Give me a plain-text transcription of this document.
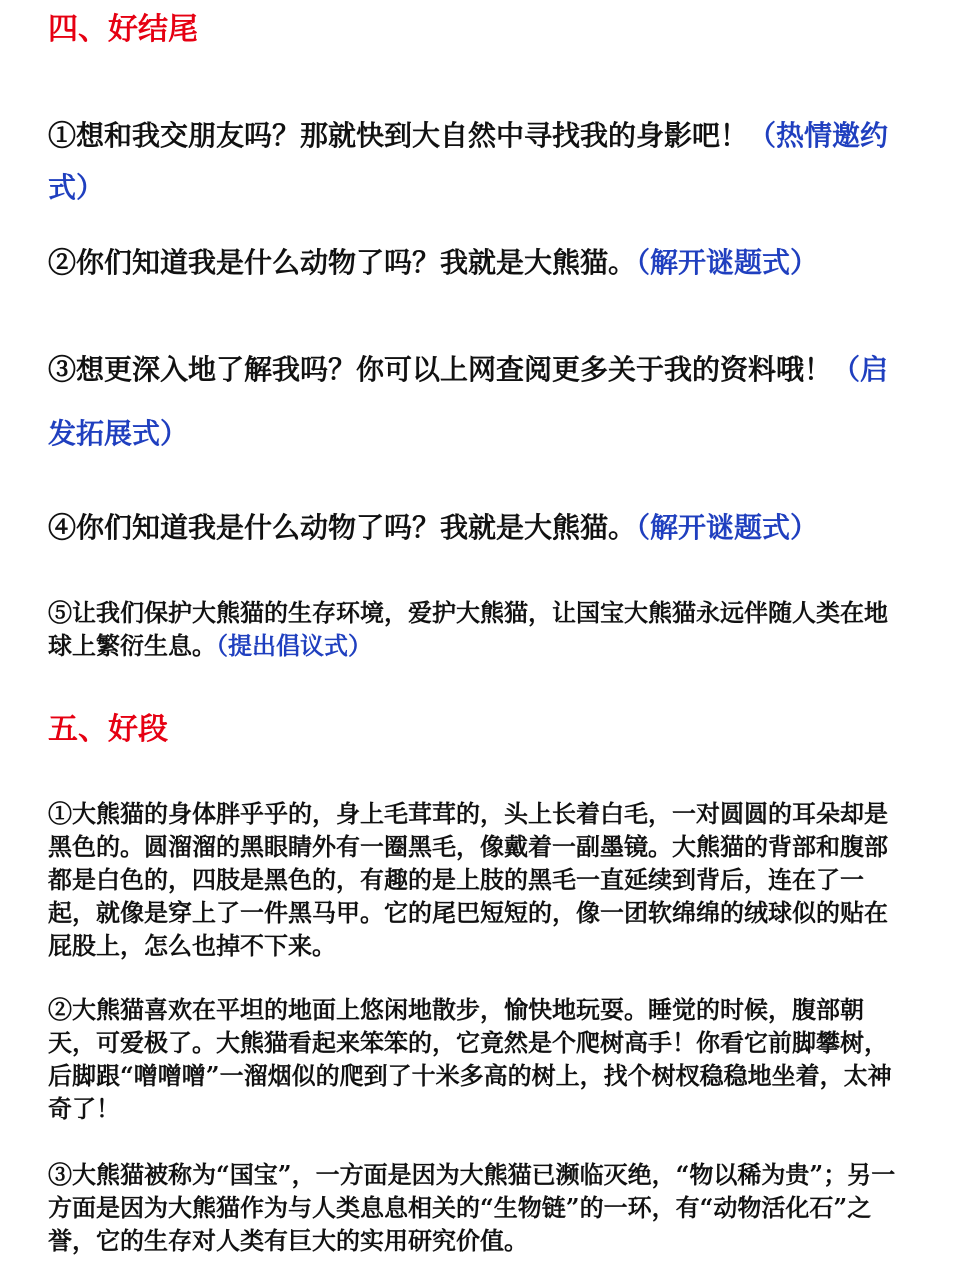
四、好结尾

①想和我交朋友吗？那就快到大自然中寻找我的身影吧！（热情邀约式）

②你们知道我是什么动物了吗？我就是大熊猫。（解开谜题式）

③想更深入地了解我吗？你可以上网查阅更多关于我的资料哦！（启发拓展式）

④你们知道我是什么动物了吗？我就是大熊猫。（解开谜题式）

⑤让我们保护大熊猫的生存环境，爱护大熊猫，让国宝大熊猫永远伴随人类在地球上繁衍生息。（提出倡议式）

五、好段

①大熊猫的身体胖乎乎的，身上毛茸茸的，头上长着白毛，一对圆圆的耳朵却是黑色的。圆溜溜的黑眼睛外有一圈黑毛，像戴着一副墨镜。大熊猫的背部和腹部都是白色的，四肢是黑色的，有趣的是上肢的黑毛一直延续到背后，连在了一起，就像是穿上了一件黑马甲。它的尾巴短短的，像一团软绵绵的绒球似的贴在屁股上，怎么也掉不下来。

②大熊猫喜欢在平坦的地面上悠闲地散步，愉快地玩耍。睡觉的时候，腹部朝天，可爱极了。大熊猫看起来笨笨的，它竟然是个爬树高手！你看它前脚攀树，后脚跟“噌噌噌”一溜烟似的爬到了十米多高的树上，找个树杈稳稳地坐着，太神奇了！

③大熊猫被称为“国宝”，一方面是因为大熊猫已濒临灭绝，“物以稀为贵”；另一方面是因为大熊猫作为与人类息息相关的“生物链”的一环，有“动物活化石”之誉，它的生存对人类有巨大的实用研究价值。
